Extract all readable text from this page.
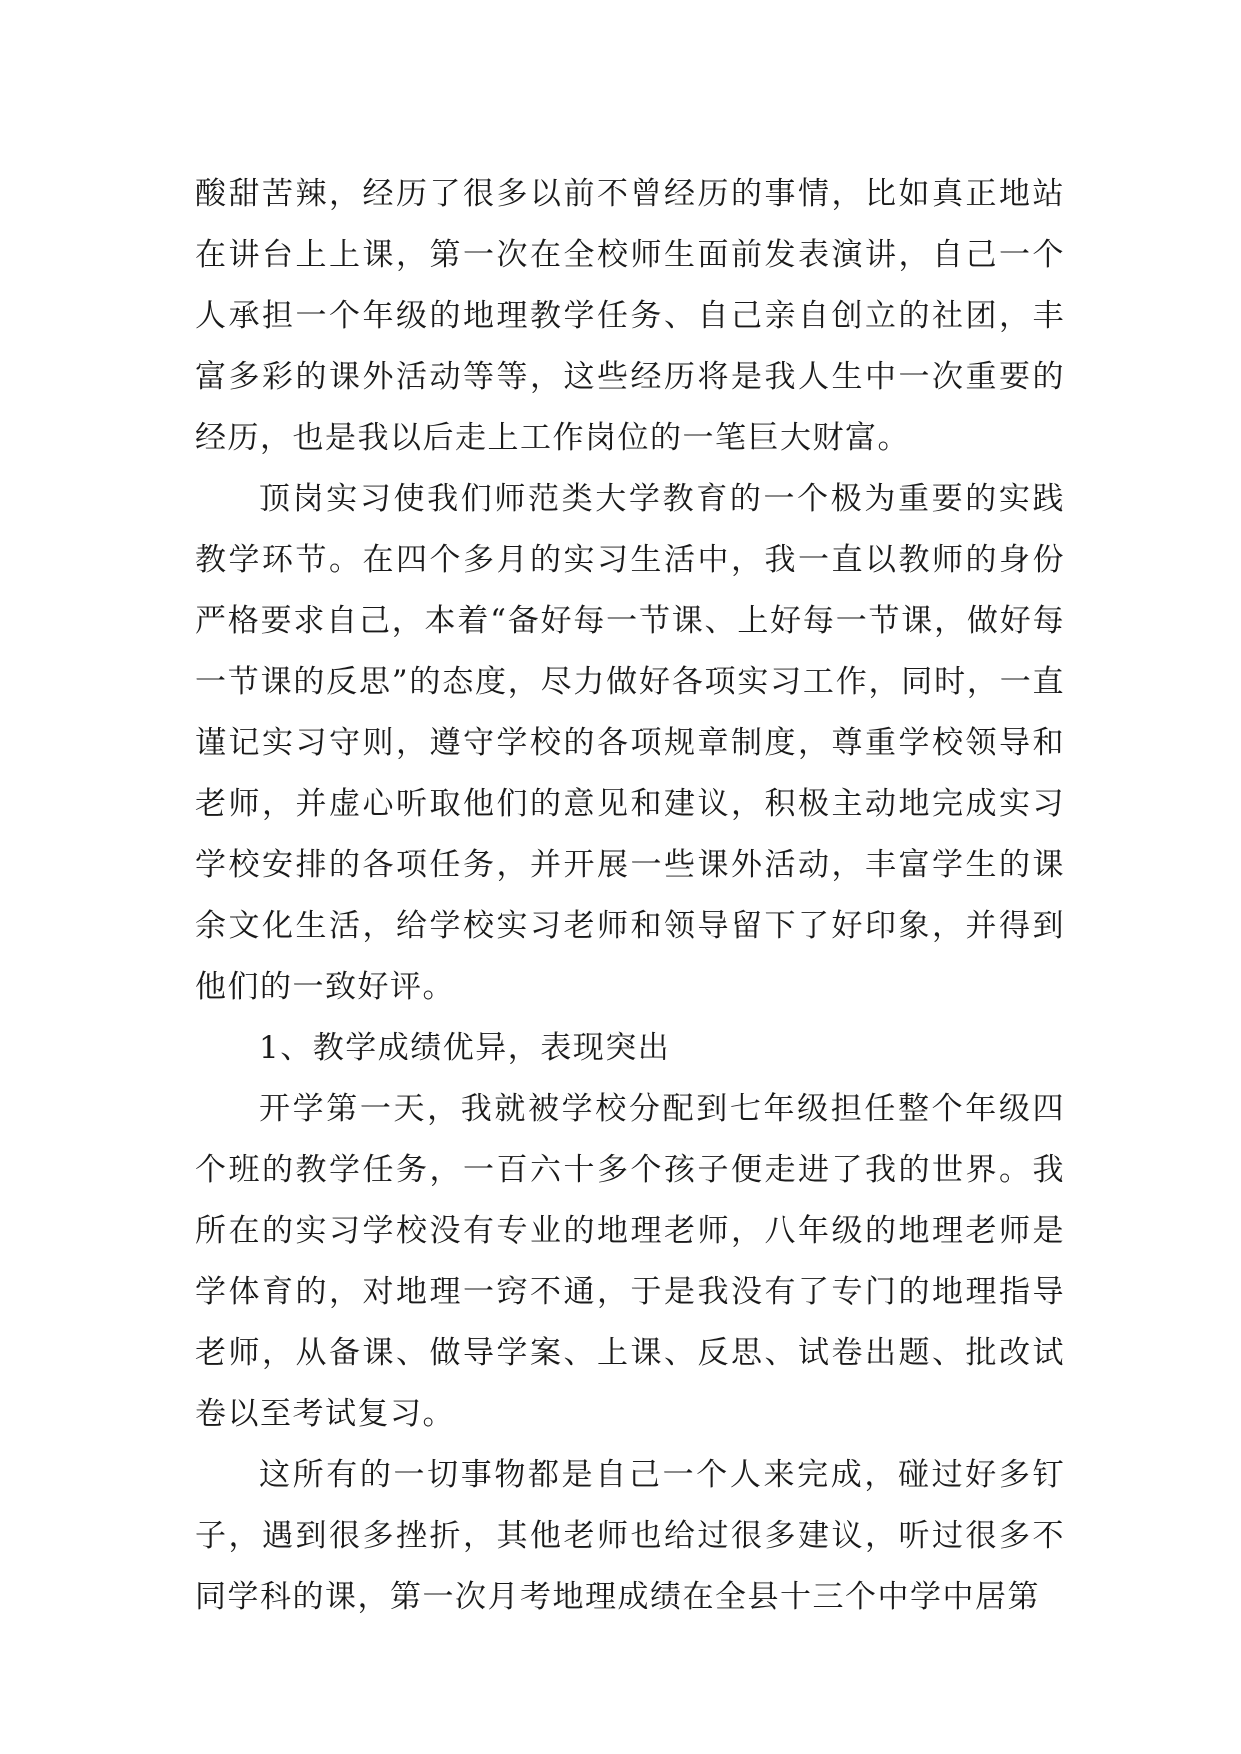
酸甜苦辣，经历了很多以前不曾经历的事情，比如真正地站在讲台上上课，第一次在全校师生面前发表演讲，自己一个人承担一个年级的地理教学任务、自己亲自创立的社团，丰富多彩的课外活动等等，这些经历将是我人生中一次重要的经历，也是我以后走上工作岗位的一笔巨大财富。

顶岗实习使我们师范类大学教育的一个极为重要的实践教学环节。在四个多月的实习生活中，我一直以教师的身份严格要求自己，本着“备好每一节课、上好每一节课，做好每一节课的反思”的态度，尽力做好各项实习工作，同时，一直谨记实习守则，遵守学校的各项规章制度，尊重学校领导和老师，并虚心听取他们的意见和建议，积极主动地完成实习学校安排的各项任务，并开展一些课外活动，丰富学生的课余文化生活，给学校实习老师和领导留下了好印象，并得到他们的一致好评。

1、教学成绩优异，表现突出

开学第一天，我就被学校分配到七年级担任整个年级四个班的教学任务，一百六十多个孩子便走进了我的世界。我所在的实习学校没有专业的地理老师，八年级的地理老师是学体育的，对地理一窍不通，于是我没有了专门的地理指导老师，从备课、做导学案、上课、反思、试卷出题、批改试卷以至考试复习。

这所有的一切事物都是自己一个人来完成，碰过好多钉子，遇到很多挫折，其他老师也给过很多建议，听过很多不同学科的课，第一次月考地理成绩在全县十三个中学中居第
